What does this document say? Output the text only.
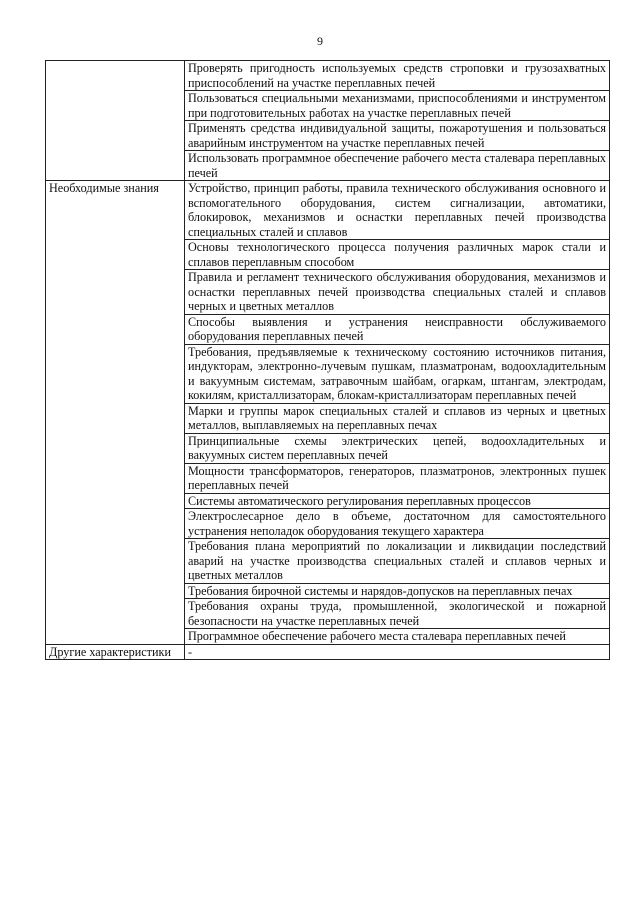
9
	Проверять пригодность используемых средств строповки и грузозахватных приспособлений на участке переплавных печей
	Пользоваться специальными механизмами, приспособлениями и инструментом при подготовительных работах на участке переплавных печей
	Применять средства индивидуальной защиты, пожаротушения и пользоваться аварийным инструментом на участке переплавных печей
	Использовать программное обеспечение рабочего места сталевара переплавных печей
Необходимые знания	Устройство, принцип работы, правила технического обслуживания основного и вспомогательного оборудования, систем сигнализации, автоматики, блокировок, механизмов и оснастки переплавных печей производства специальных сталей и сплавов
	Основы технологического процесса получения различных марок стали и сплавов переплавным способом
	Правила и регламент технического обслуживания оборудования, механизмов и оснастки переплавных печей производства специальных сталей и сплавов черных и цветных металлов
	Способы выявления и устранения неисправности обслуживаемого оборудования переплавных печей
	Требования, предъявляемые к техническому состоянию источников питания, индукторам, электронно-лучевым пушкам, плазматронам, водоохладительным и вакуумным системам, затравочным шайбам, огаркам, штангам, электродам, кокилям, кристаллизаторам, блокам-кристаллизаторам переплавных печей
	Марки и группы марок специальных сталей и сплавов из черных и цветных металлов, выплавляемых на переплавных печах
	Принципиальные схемы электрических цепей, водоохладительных и вакуумных систем переплавных печей
	Мощности трансформаторов, генераторов, плазматронов, электронных пушек переплавных печей
	Системы автоматического регулирования переплавных процессов
	Электрослесарное дело в объеме, достаточном для самостоятельного устранения неполадок оборудования текущего характера
	Требования плана мероприятий по локализации и ликвидации последствий аварий на участке производства специальных сталей и сплавов черных и цветных металлов
	Требования бирочной системы и нарядов-допусков на переплавных печах
	Требования охраны труда, промышленной, экологической и пожарной безопасности на участке переплавных печей
	Программное обеспечение рабочего места сталевара переплавных печей
Другие характеристики	-
